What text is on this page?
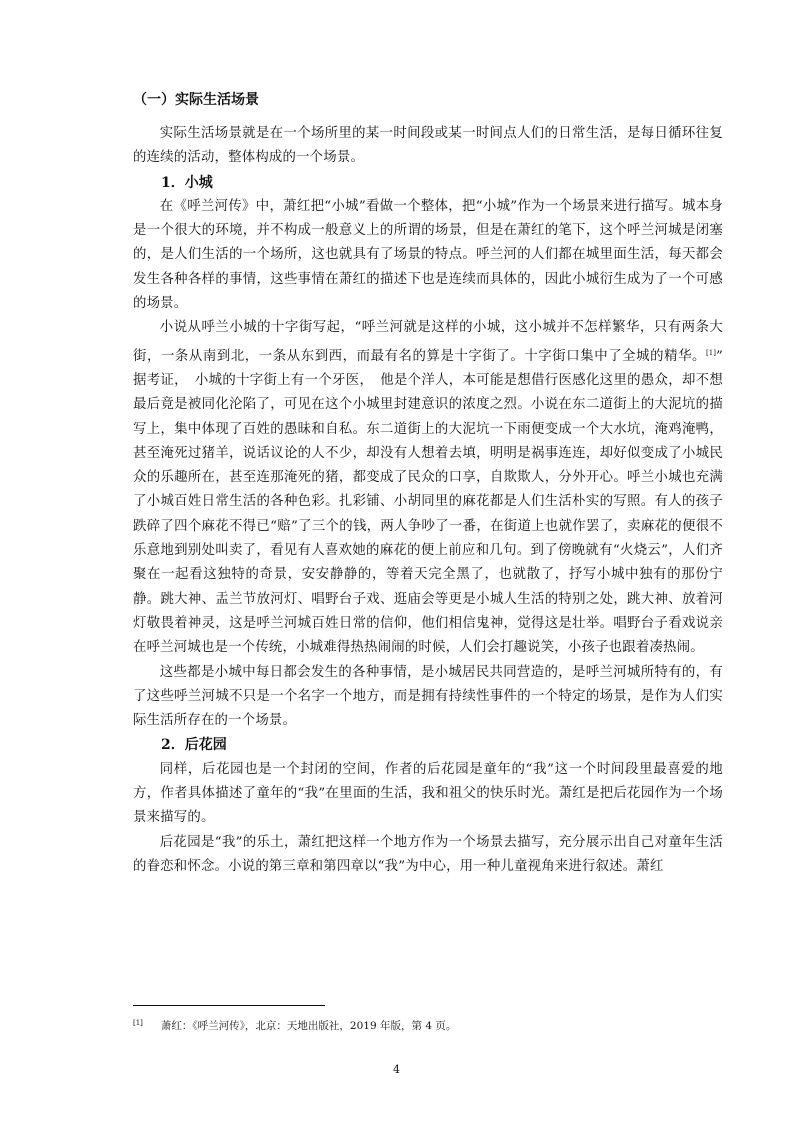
（一）实际生活场景

实际生活场景就是在一个场所里的某一时间段或某一时间点人们的日常生活，是每日循环往复的连续的活动，整体构成的一个场景。

1．小城

在《呼兰河传》中，萧红把“小城”看做一个整体，把“小城”作为一个场景来进行描写。城本身是一个很大的环境，并不构成一般意义上的所谓的场景，但是在萧红的笔下，这个呼兰河城是闭塞的，是人们生活的一个场所，这也就具有了场景的特点。呼兰河的人们都在城里面生活，每天都会发生各种各样的事情，这些事情在萧红的描述下也是连续而具体的，因此小城衍生成为了一个可感的场景。

小说从呼兰小城的十字街写起，“呼兰河就是这样的小城，这小城并不怎样繁华，只有两条大街，一条从南到北，一条从东到西，而最有名的算是十字街了。十字街口集中了全城的精华。[1]”　据考证，　小城的十字街上有一个牙医，　他是个洋人，本可能是想借行医感化这里的愚众，却不想最后竟是被同化沦陷了，可见在这个小城里封建意识的浓度之烈。小说在东二道街上的大泥坑的描写上，集中体现了百姓的愚昧和自私。东二道街上的大泥坑一下雨便变成一个大水坑，淹鸡淹鸭，甚至淹死过猪羊，说话议论的人不少，却没有人想着去填，明明是祸事连连，却好似变成了小城民众的乐趣所在，甚至连那淹死的猪，都变成了民众的口享，自欺欺人，分外开心。呼兰小城也充满了小城百姓日常生活的各种色彩。扎彩铺、小胡同里的麻花都是人们生活朴实的写照。有人的孩子跌碎了四个麻花不得已“赔”了三个的钱，两人争吵了一番，在街道上也就作罢了，卖麻花的便很不乐意地到别处叫卖了，看见有人喜欢她的麻花的便上前应和几句。到了傍晚就有“火烧云”，人们齐聚在一起看这独特的奇景，安安静静的，等着天完全黑了，也就散了，抒写小城中独有的那份宁静。跳大神、盂兰节放河灯、唱野台子戏、逛庙会等更是小城人生活的特别之处，跳大神、放着河灯敬畏着神灵，这是呼兰河城百姓日常的信仰，他们相信鬼神，觉得这是壮举。唱野台子看戏说亲在呼兰河城也是一个传统，小城难得热热闹闹的时候，人们会打趣说笑，小孩子也跟着凑热闹。

这些都是小城中每日都会发生的各种事情，是小城居民共同营造的，是呼兰河城所特有的，有了这些呼兰河城不只是一个名字一个地方，而是拥有持续性事件的一个特定的场景，是作为人们实际生活所存在的一个场景。

2．后花园

同样，后花园也是一个封闭的空间，作者的后花园是童年的“我”这一个时间段里最喜爱的地方，作者具体描述了童年的“我”在里面的生活，我和祖父的快乐时光。萧红是把后花园作为一个场景来描写的。

后花园是“我”的乐土，萧红把这样一个地方作为一个场景去描写，充分展示出自己对童年生活的眷恋和怀念。小说的第三章和第四章以“我”为中心，用一种儿童视角来进行叙述。萧红

[1] 萧红：《呼兰河传》，北京：天地出版社，2019 年版，第 4 页。
4
